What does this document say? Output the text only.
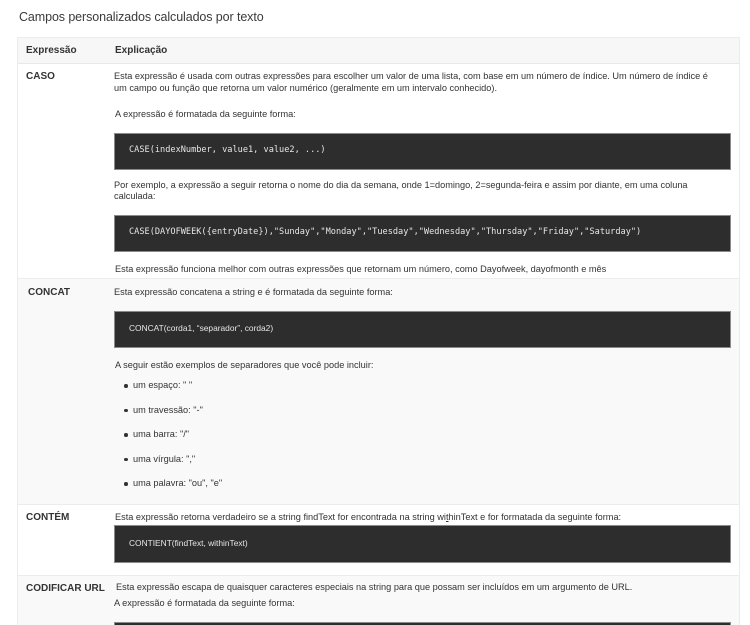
Campos personalizados calculados por texto
Expressão	Explicação
CASO	Esta expressão é usada com outras expressões para escolher um valor de uma lista, com base em um número de índice. Um número de índice é um campo ou função que retorna um valor numérico (geralmente em um intervalo conhecido).

A expressão é formatada da seguinte forma:

CASE(indexNumber, value1, value2, ...)

Por exemplo, a expressão a seguir retorna o nome do dia da semana, onde 1=domingo, 2=segunda-feira e assim por diante, em uma coluna calculada:

CASE(DAYOFWEEK({entryDate}),"Sunday","Monday","Tuesday","Wednesday","Thursday","Friday","Saturday")

Esta expressão funciona melhor com outras expressões que retornam um número, como Dayofweek, dayofmonth e mês

CONCAT	Esta expressão concatena a string e é formatada da seguinte forma:

CONCAT(corda1, “separador”, corda2)

A seguir estão exemplos de separadores que você pode incluir:

um espaço: " "
um travessão: "-"
uma barra: "/"
uma vírgula: ","
uma palavra: "ou", "e"
CONTÉM	Esta expressão retorna verdadeiro se a string findText for encontrada na string withinText e for formatada da seguinte forma:

CONTIENT(findText, withinText)
CODIFICAR URL	Esta expressão escapa de quaisquer caracteres especiais na string para que possam ser incluídos em um argumento de URL.

A expressão é formatada da seguinte forma:
